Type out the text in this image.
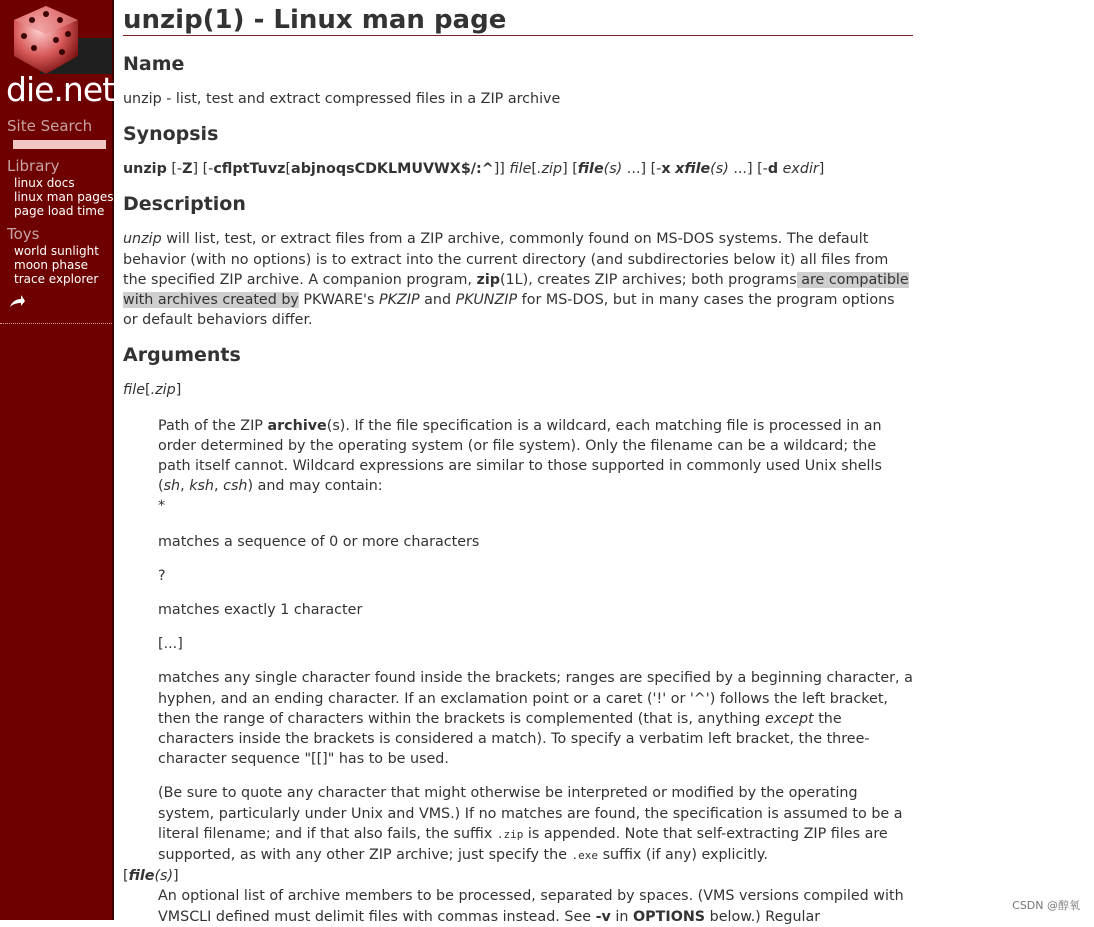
die.net
Site Search
Library
linux docs
linux man pages
page load time
Toys
world sunlight
moon phase
trace explorer
unzip(1) - Linux man page
Name

unzip - list, test and extract compressed files in a ZIP archive

Synopsis

unzip [-Z] [-cflptTuvz[abjnoqsCDKLMUVWX$/:^]] file[.zip] [file(s) ...] [-x xfile(s) ...] [-d exdir]

Description

unzip will list, test, or extract files from a ZIP archive, commonly found on MS-DOS systems. The default behavior (with no options) is to extract into the current directory (and subdirectories below it) all files from the specified ZIP archive. A companion program, zip(1L), creates ZIP archives; both programs are compatible with archives created by PKWARE's PKZIP and PKUNZIP for MS-DOS, but in many cases the program options or default behaviors differ.

Arguments

file[.zip]

Path of the ZIP archive(s). If the file specification is a wildcard, each matching file is processed in an order determined by the operating system (or file system). Only the filename can be a wildcard; the path itself cannot. Wildcard expressions are similar to those supported in commonly used Unix shells (sh, ksh, csh) and may contain:
*

matches a sequence of 0 or more characters

?

matches exactly 1 character

[...]

matches any single character found inside the brackets; ranges are specified by a beginning character, a hyphen, and an ending character. If an exclamation point or a caret ('!' or '^') follows the left bracket, then the range of characters within the brackets is complemented (that is, anything except the characters inside the brackets is considered a match). To specify a verbatim left bracket, the three-character sequence "[[]" has to be used.

(Be sure to quote any character that might otherwise be interpreted or modified by the operating system, particularly under Unix and VMS.) If no matches are found, the specification is assumed to be a literal filename; and if that also fails, the suffix .zip is appended. Note that self-extracting ZIP files are supported, as with any other ZIP archive; just specify the .exe suffix (if any) explicitly.

[file(s)]

An optional list of archive members to be processed, separated by spaces. (VMS versions compiled with VMSCLI defined must delimit files with commas instead. See -v in OPTIONS below.) Regular

CSDN @醇氧
